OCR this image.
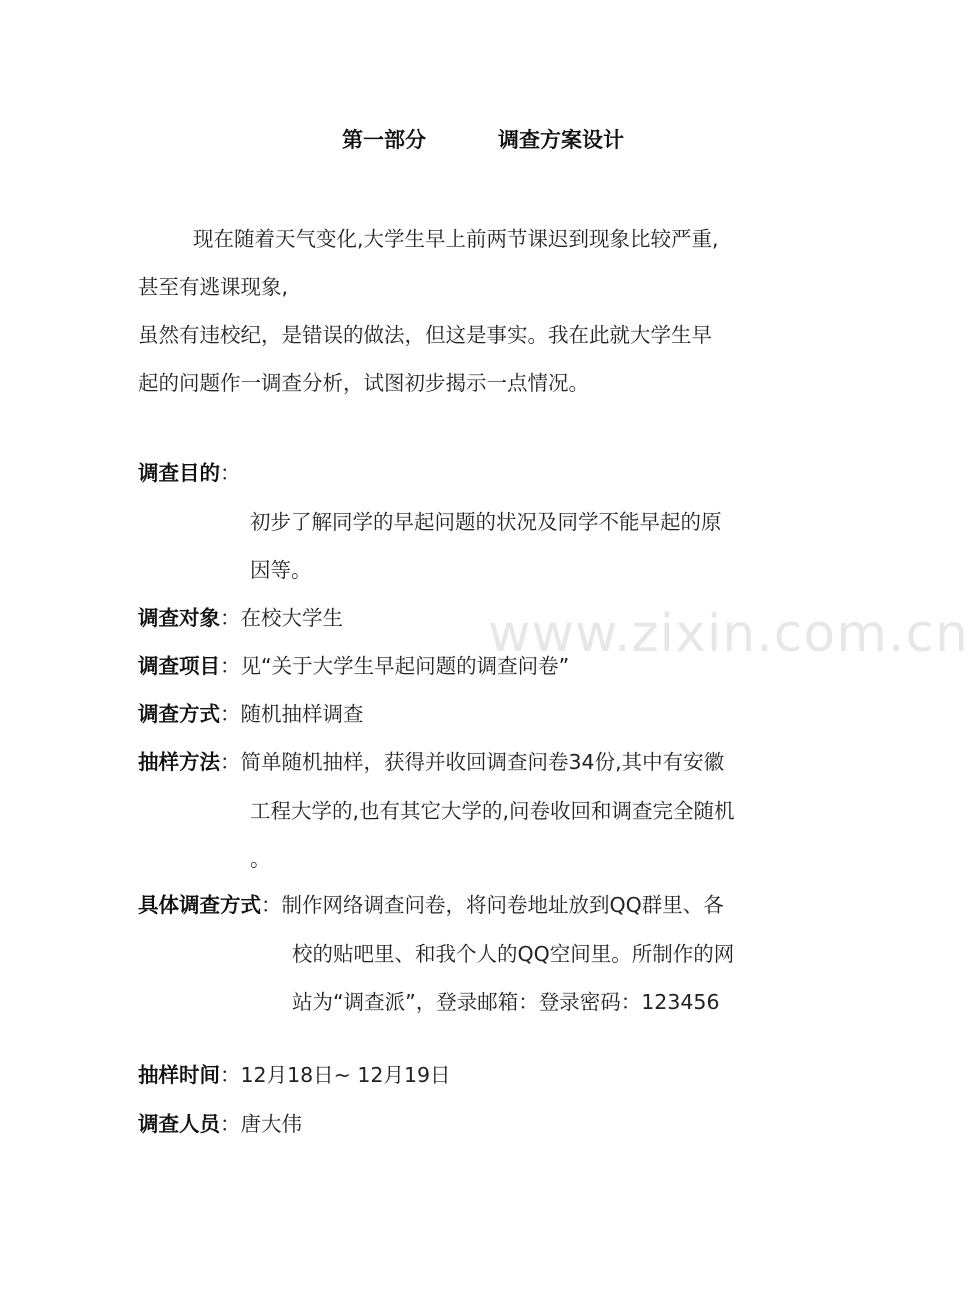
第一部分	调查方案设计
现在随着天气变化,大学生早上前两节课迟到现象比较严重,
甚至有逃课现象,
虽然有违校纪，是错误的做法，但这是事实。我在此就大学生早
起的问题作一调查分析，试图初步揭示一点情况。
调查目的：
初步了解同学的早起问题的状况及同学不能早起的原
因等。
调查对象：在校大学生
调查项目：见“关于大学生早起问题的调查问卷”
调查方式：随机抽样调查
抽样方法：简单随机抽样，获得并收回调查问卷34份,其中有安徽
工程大学的,也有其它大学的,问卷收回和调查完全随机
。
具体调查方式：制作网络调查问卷，将问卷地址放到QQ群里、各
校的贴吧里、和我个人的QQ空间里。所制作的网
站为“调查派”，登录邮箱：登录密码：123456
抽样时间：12月18日~ 12月19日
调查人员：唐大伟
www.zixin.com.cn
